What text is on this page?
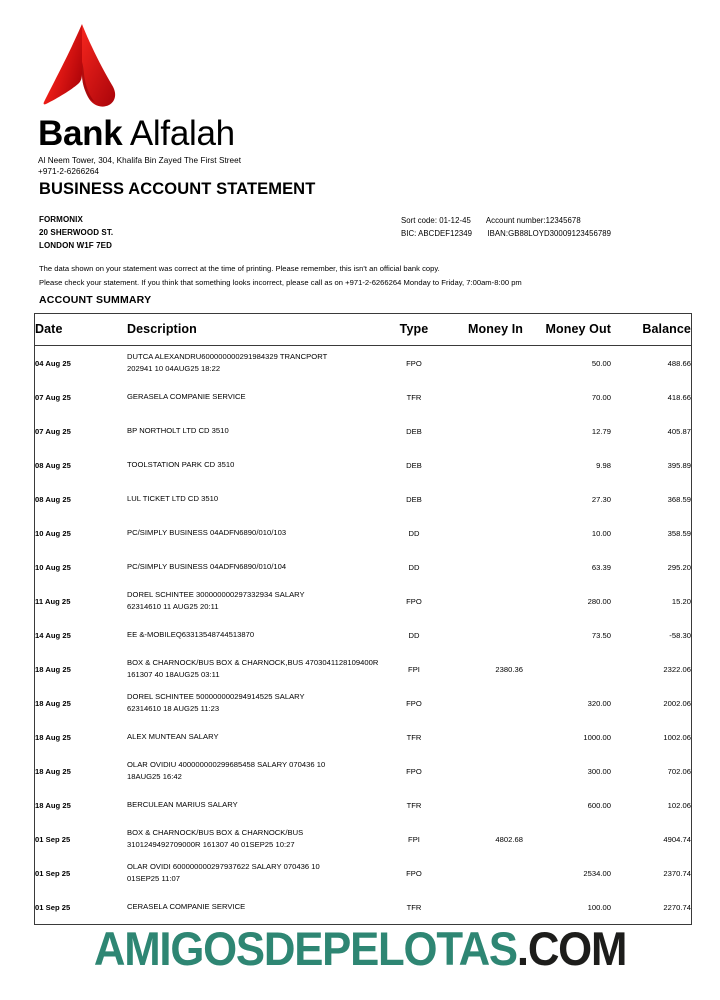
Bank Alfalah
Al Neem Tower, 304, Khalifa Bin Zayed The First Street
+971-2-6266264
BUSINESS ACCOUNT STATEMENT
FORMONIX
20 SHERWOOD ST.
LONDON W1F 7ED
Sort code: 01-12-45 Account number:12345678
BIC: ABCDEF12349 IBAN:GB88LOYD30009123456789
The data shown on your statement was correct at the time of printing. Please remember, this isn't an official bank copy.
Please check your statement. If you think that something looks incorrect, please call as on +971-2-6266264 Monday to Friday, 7:00am-8:00 pm
ACCOUNT SUMMARY
Date	Description	Type	Money In	Money Out	Balance
04 Aug 25	DUTCA ALEXANDRU600000000291984329 TRANCPORT
202941 10 04AUG25 18:22	FPO		50.00	488.66
07 Aug 25	GERASELA COMPANIE SERVICE	TFR		70.00	418.66
07 Aug 25	BP NORTHOLT LTD CD 3510	DEB		12.79	405.87
08 Aug 25	TOOLSTATION PARK CD 3510	DEB		9.98	395.89
08 Aug 25	LUL TICKET LTD CD 3510	DEB		27.30	368.59
10 Aug 25	PC/SIMPLY BUSINESS 04ADFN6890/010/103	DD		10.00	358.59
10 Aug 25	PC/SIMPLY BUSINESS 04ADFN6890/010/104	DD		63.39	295.20
11 Aug 25	DOREL SCHINTEE 300000000297332934 SALARY
62314610 11 AUG25 20:11	FPO		280.00	15.20
14 Aug 25	EE &-MOBILEQ63313548744513870	DD		73.50	-58.30
18 Aug 25	BOX & CHARNOCK/BUS BOX & CHARNOCK,BUS 4703041128109400R
161307 40 18AUG25 03:11	FPI	2380.36		2322.06
18 Aug 25	DOREL SCHINTEE 500000000294914525 SALARY
62314610 18 AUG25 11:23	FPO		320.00	2002.06
18 Aug 25	ALEX MUNTEAN SALARY	TFR		1000.00	1002.06
18 Aug 25	OLAR OVIDIU 400000000299685458 SALARY 070436 10
18AUG25 16:42	FPO		300.00	702.06
18 Aug 25	BERCULEAN MARIUS SALARY	TFR		600.00	102.06
01 Sep 25	BOX & CHARNOCK/BUS BOX & CHARNOCK/BUS
3101249492709000R 161307 40 01SEP25 10:27	FPI	4802.68		4904.74
01 Sep 25	OLAR OVIDI 600000000297937622 SALARY 070436 10
01SEP25 11:07	FPO		2534.00	2370.74
01 Sep 25	CERASELA COMPANIE SERVICE	TFR		100.00	2270.74
AMIGOSDEPELOTAS.COM
